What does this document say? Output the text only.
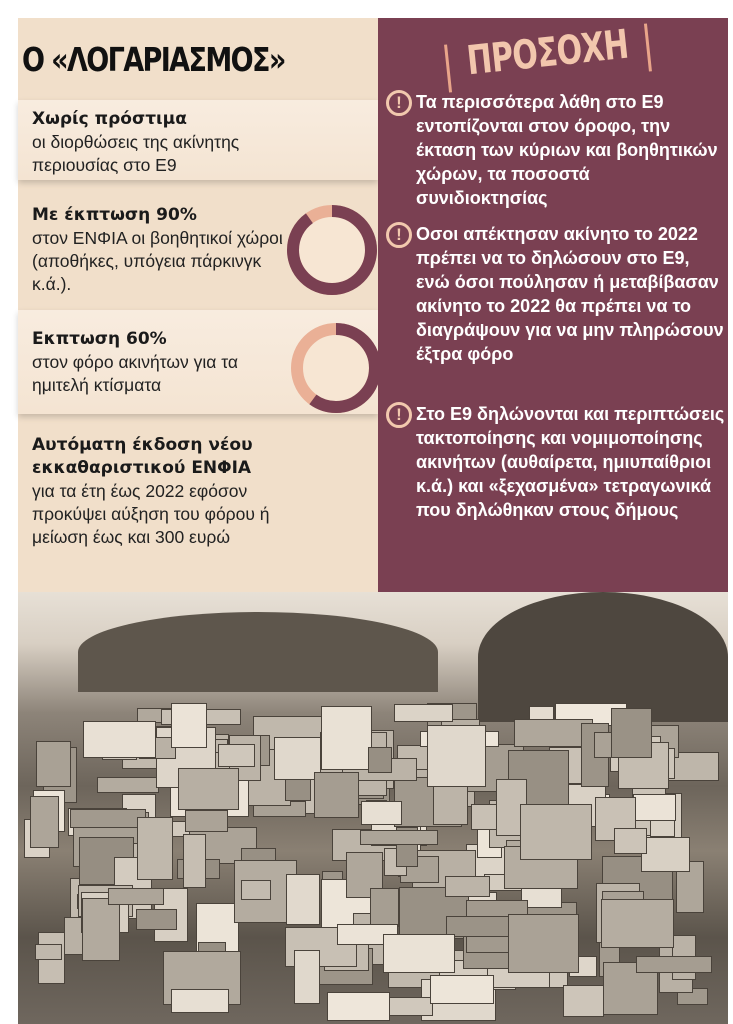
Ο «ΛΟΓΑΡΙΑΣΜΟΣ»
Χωρίς πρόστιμα
οι διορθώσεις της ακίνητης περιουσίας στο Ε9
Με έκπτωση 90%
στον ΕΝΦΙΑ οι βοηθητικοί χώροι (αποθήκες, υπόγεια πάρκινγκ κ.ά.).
Εκπτωση 60%
στον φόρο ακινήτων για τα ημιτελή κτίσματα
Αυτόματη έκδοση νέου εκκαθαριστικού ΕΝΦΙΑ
για τα έτη έως 2022 εφόσον προκύψει αύξηση του φόρου ή μείωση έως και 300 ευρώ
ΠΡΟΣΟΧΗ
! Τα περισσότερα λάθη στο Ε9 εντοπίζονται στον όροφο, την έκταση των κύριων και βοηθητικών χώρων, τα ποσοστά συνιδιοκτησίας

! Οσοι απέκτησαν ακίνητο το 2022 πρέπει να το δηλώσουν στο Ε9, ενώ όσοι πούλησαν ή μεταβίβασαν ακίνητο το 2022 θα πρέπει να το διαγράψουν για να μην πληρώσουν έξτρα φόρο

! Στο Ε9 δηλώνονται και περιπτώσεις τακτοποίησης και νομιμοποίησης ακινήτων (αυθαίρετα, ημιυπαίθριοι κ.ά.) και «ξεχασμένα» τετραγωνικά που δηλώθηκαν στους δήμους
